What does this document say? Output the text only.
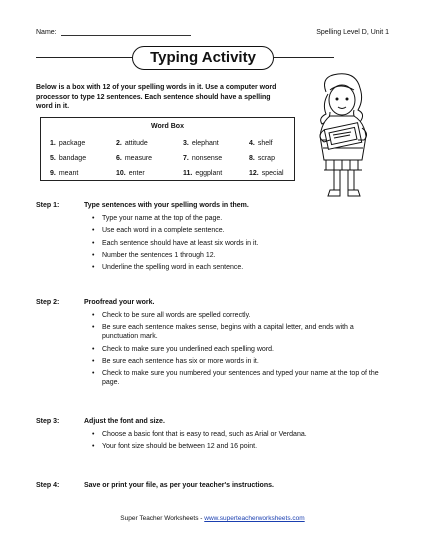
Name:	Spelling Level D, Unit 1
Typing Activity
Below is a box with 12 of your spelling words in it. Use a computer word processor to type 12 sentences. Each sentence should have a spelling word in it.
Word Box
1. package	2. attitude	3. elephant	4. shelf
5. bandage	6. measure	7. nonsense	8. scrap
9. meant	10. enter	11. eggplant	12. special
Step 1:	Type sentences with your spelling words in them.
• Type your name at the top of the page.
• Use each word in a complete sentence.
• Each sentence should have at least six words in it.
• Number the sentences 1 through 12.
• Underline the spelling word in each sentence.
Step 2:	Proofread your work.
• Check to be sure all words are spelled correctly.
• Be sure each sentence makes sense, begins with a capital letter, and ends with a punctuation mark.
• Check to make sure you underlined each spelling word.
• Be sure each sentence has six or more words in it.
• Check to make sure you numbered your sentences and typed your name at the top of the page.
Step 3:	Adjust the font and size.
• Choose a basic font that is easy to read, such as Arial or Verdana.
• Your font size should be between 12 and 16 point.
Step 4:	Save or print your file, as per your teacher's instructions.
Super Teacher Worksheets - www.superteacherworksheets.com
